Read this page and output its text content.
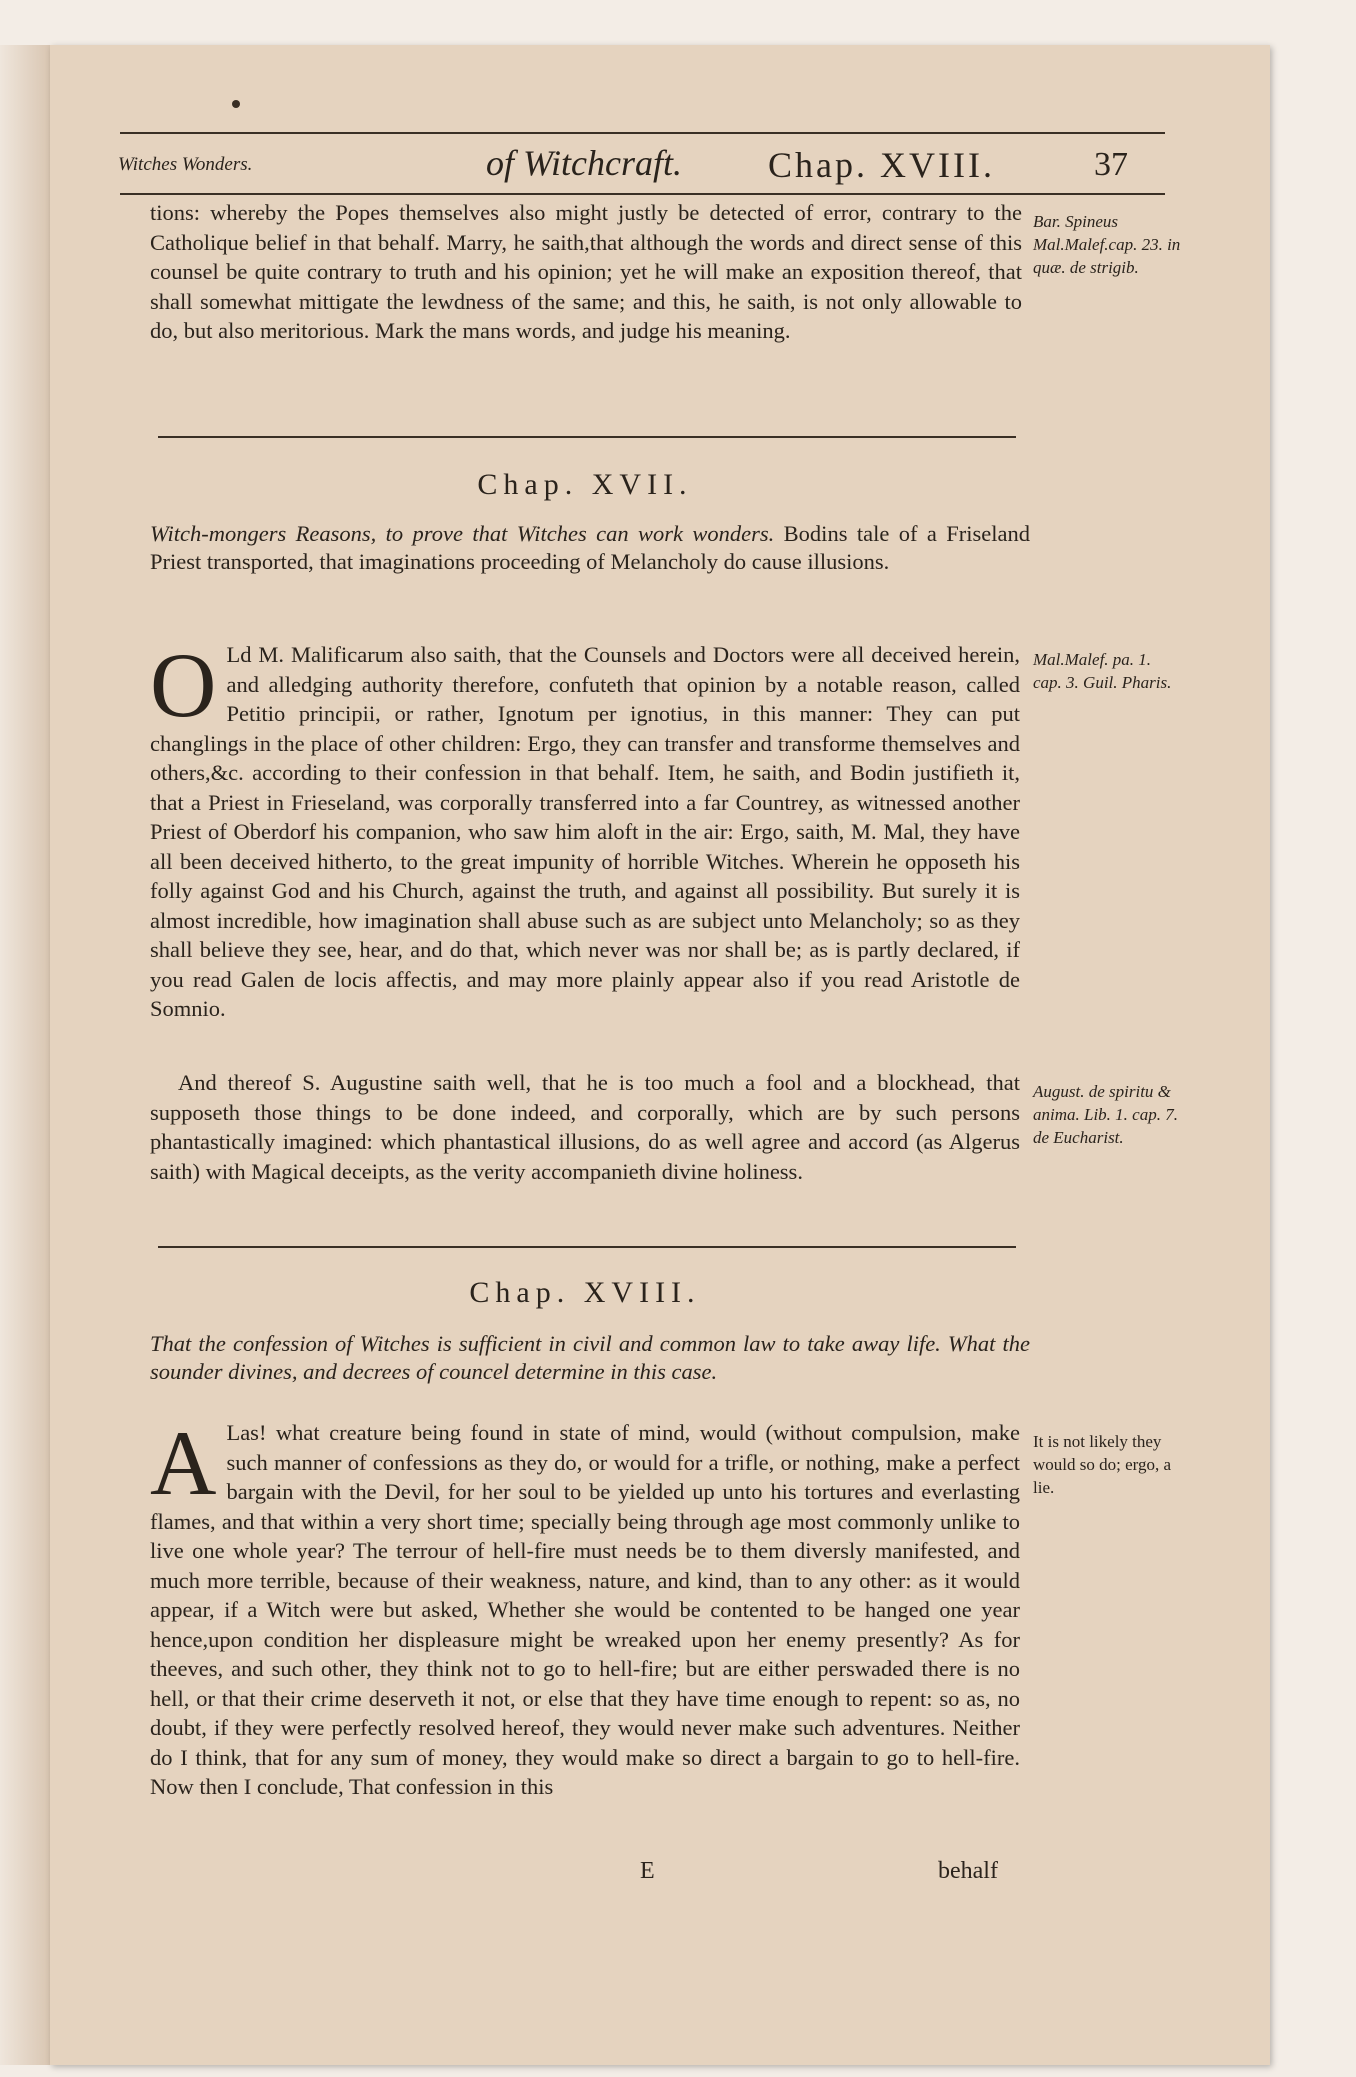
Witches Wonders.	of Witchcraft. Chap. XVIII.	37

tions: whereby the Popes themselves also might justly be detected of error, contrary to the Catholique belief in that behalf. Marry, he saith,that although the words and direct sense of this counsel be quite contrary to truth and his opinion; yet he will make an exposition thereof, that shall somewhat mittigate the lewdness of the same; and this, he saith, is not only allowable to do, but also meritorious. Mark the mans words, and judge his meaning.

Bar. Spineus Mal.Malef.cap. 23. in quæ. de strigib.
Chap. XVII.
Witch-mongers Reasons, to prove that Witches can work wonders. Bodins tale of a Friseland Priest transported, that imaginations proceeding of Melancholy do cause illusions.
O Ld M. Malificarum also saith, that the Counsels and Doctors were all deceived herein, and alledging authority therefore, confuteth that opinion by a notable reason, called Petitio principii, or rather, Ignotum per ignotius, in this manner: They can put changlings in the place of other children: Ergo, they can transfer and transforme themselves and others,&c. according to their confession in that behalf. Item, he saith, and Bodin justifieth it, that a Priest in Frieseland, was corporally transferred into a far Countrey, as witnessed another Priest of Oberdorf his companion, who saw him aloft in the air: Ergo, saith, M. Mal, they have all been deceived hitherto, to the great impunity of horrible Witches. Wherein he opposeth his folly against God and his Church, against the truth, and against all possibility. But surely it is almost incredible, how imagination shall abuse such as are subject unto Melancholy; so as they shall believe they see, hear, and do that, which never was nor shall be; as is partly declared, if you read Galen de locis affectis, and may more plainly appear also if you read Aristotle de Somnio.

Mal.Malef. pa. 1. cap. 3. Guil. Pharis.

And thereof S. Augustine saith well, that he is too much a fool and a blockhead, that supposeth those things to be done indeed, and corporally, which are by such persons phantastically imagined: which phantastical illusions, do as well agree and accord (as Algerus saith) with Magical deceipts, as the verity accompanieth divine holiness.

August. de spiritu & anima. Lib. 1. cap. 7. de Eucharist.
Chap. XVIII.
That the confession of Witches is sufficient in civil and common law to take away life. What the sounder divines, and decrees of councel determine in this case.
A Las! what creature being found in state of mind, would (without compulsion, make such manner of confessions as they do, or would for a trifle, or nothing, make a perfect bargain with the Devil, for her soul to be yielded up unto his tortures and everlasting flames, and that within a very short time; specially being through age most commonly unlike to live one whole year? The terrour of hell-fire must needs be to them diversly manifested, and much more terrible, because of their weakness, nature, and kind, than to any other: as it would appear, if a Witch were but asked, Whether she would be contented to be hanged one year hence,upon condition her displeasure might be wreaked upon her enemy presently? As for theeves, and such other, they think not to go to hell-fire; but are either perswaded there is no hell, or that their crime deserveth it not, or else that they have time enough to repent: so as, no doubt, if they were perfectly resolved hereof, they would never make such adventures. Neither do I think, that for any sum of money, they would make so direct a bargain to go to hell-fire. Now then I conclude, That confession in this

It is not likely they would so do; ergo, a lie.
E	behalf
